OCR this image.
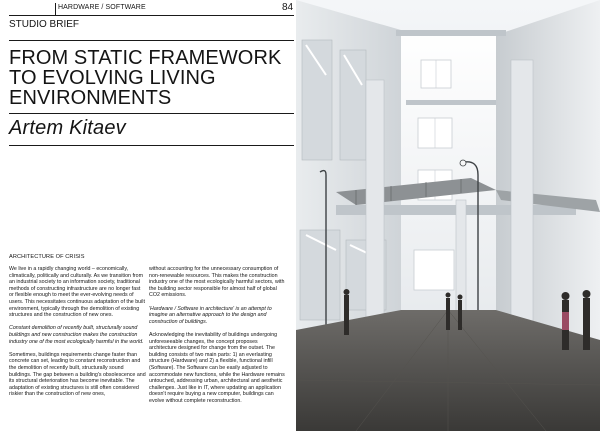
HARDWARE / SOFTWARE	84
STUDIO BRIEF
FROM STATIC FRAMEWORK TO EVOLVING LIVING ENVIRONMENTS
Artem Kitaev
ARCHITECTURE OF CRISIS

We live in a rapidly changing world – economically, climatically, politically and culturally. As we transition from an industrial society to an information society, traditional methods of constructing infrastructure are no longer fast or flexible enough to meet the ever-evolving needs of users. This necessitates continuous adaptation of the built environment, typically through the demolition of existing structures and the construction of new ones.

Constant demolition of recently built, structurally sound buildings and new construction makes the construction industry one of the most ecologically harmful in the world.

Sometimes, buildings requirements change faster than concrete can set, leading to constant reconstruction and the demolition of recently built, structurally sound buildings. The gap between a building's obsolescence and its structural deterioration has become inevitable. The adaptation of existing structures is still often considered riskier than the construction of new ones,

without accounting for the unnecessary consumption of non-renewable resources. This makes the construction industry one of the most ecologically harmful sectors, with the building sector responsible for almost half of global CO2 emissions.

'Hardware / Software in architecture' is an attempt to imagine an alternative approach to the design and construction of buildings.

Acknowledging the inevitability of buildings undergoing unforeseeable changes, the concept proposes architecture designed for change from the outset. The building consists of two main parts: 1) an everlasting structure (Hardware) and 2) a flexible, functional infill (Software). The Software can be easily adjusted to accommodate new functions, while the Hardware remains untouched, addressing urban, architectural and aesthetic challenges. Just like in IT, where updating an application doesn't require buying a new computer, buildings can evolve without complete reconstruction.
